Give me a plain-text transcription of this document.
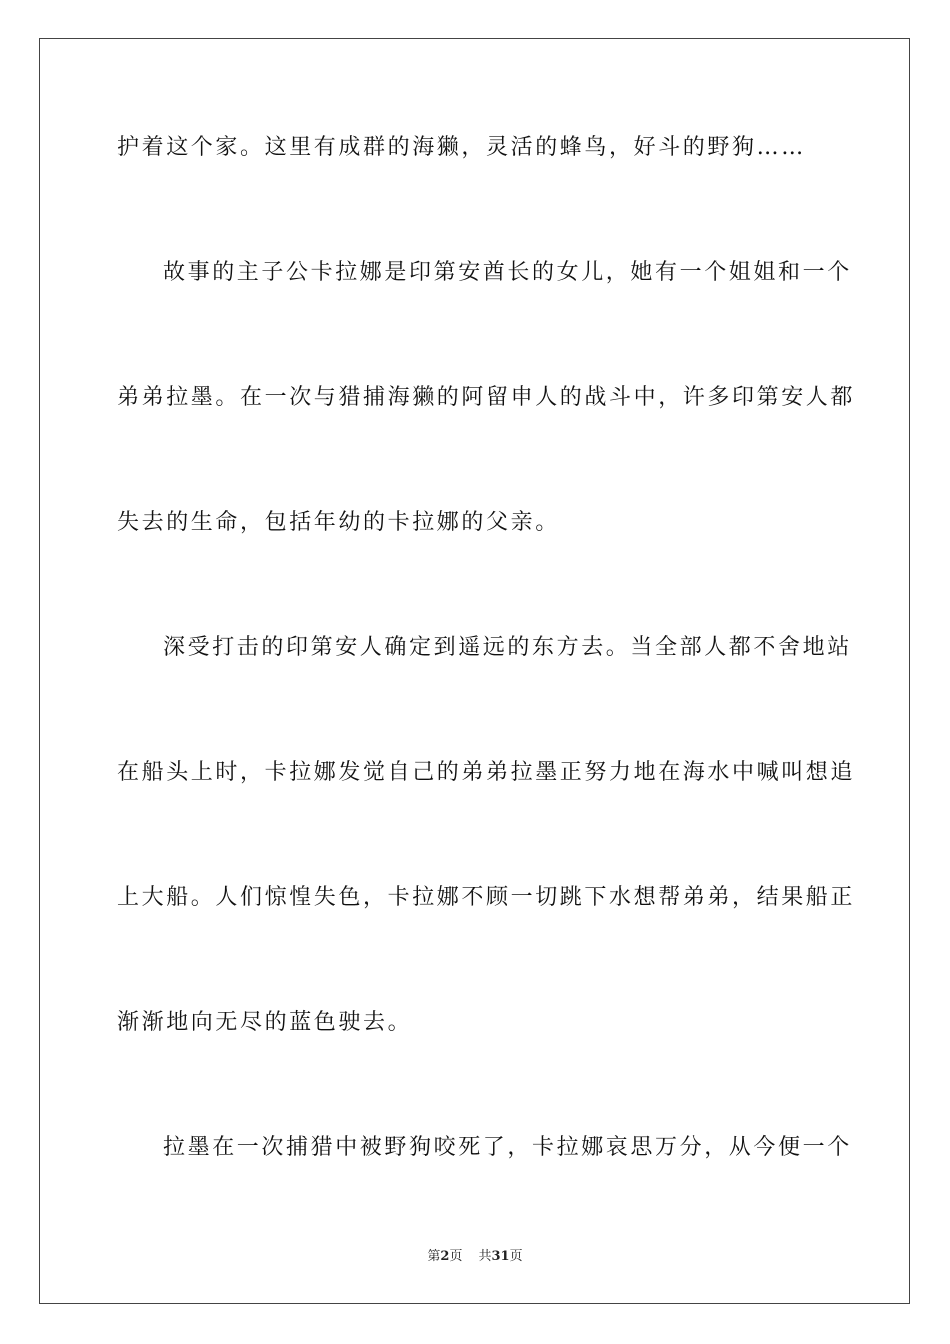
护着这个家。这里有成群的海獭，灵活的蜂鸟，好斗的野狗……
故事的主子公卡拉娜是印第安酋长的女儿，她有一个姐姐和一个
弟弟拉墨。在一次与猎捕海獭的阿留申人的战斗中，许多印第安人都
失去的生命，包括年幼的卡拉娜的父亲。
深受打击的印第安人确定到遥远的东方去。当全部人都不舍地站
在船头上时，卡拉娜发觉自己的弟弟拉墨正努力地在海水中喊叫想追
上大船。人们惊惶失色，卡拉娜不顾一切跳下水想帮弟弟，结果船正
渐渐地向无尽的蓝色驶去。
拉墨在一次捕猎中被野狗咬死了，卡拉娜哀思万分，从今便一个
第2页 共31页
